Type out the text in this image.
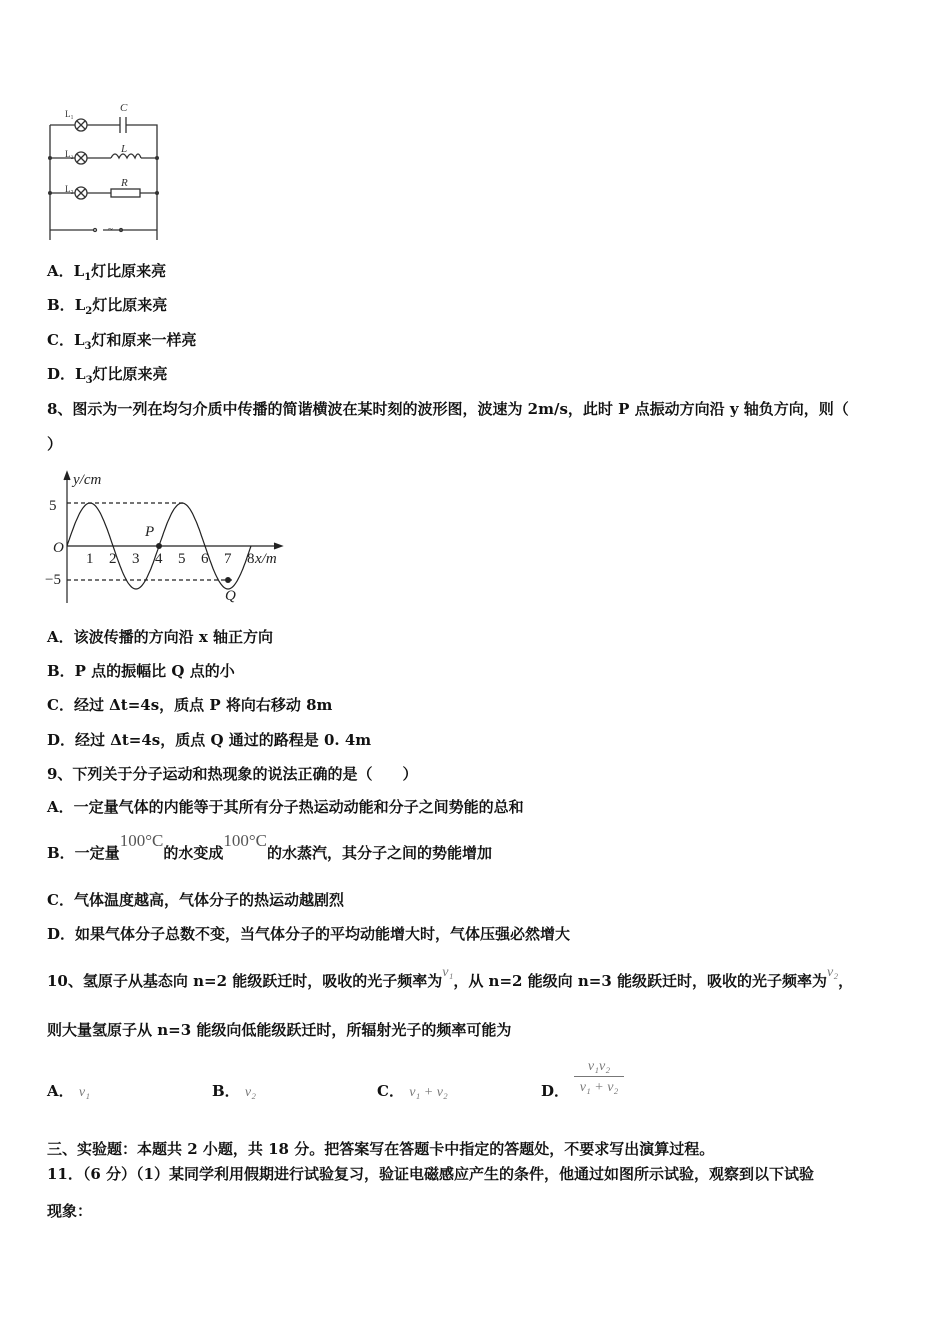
L₁
L₂
L₃
~
C
L
R
A．$L_1$灯比原来亮
B．$L_2$灯比原来亮
C．$L_3$灯和原来一样亮
D．$L_3$灯比原来亮
8、图示为一列在均匀介质中传播的简谐横波在某时刻的波形图，波速为 2m/s，此时 P 点振动方向沿 y 轴负方向，则（
）
y/cm
5
O
−5
P
Q
x/m
1 2 3 4 5 6 7 8
A．该波传播的方向沿 x 轴正方向
B．P 点的振幅比 Q 点的小
C．经过 Δt=4s，质点 P 将向右移动 8m
D．经过 Δt=4s，质点 Q 通过的路程是 0. 4m
9、下列关于分子运动和热现象的说法正确的是（　　）
A．一定量气体的内能等于其所有分子热运动动能和分子之间势能的总和
B．一定量100°C的水变成100°C的水蒸汽，其分子之间的势能增加
C．气体温度越高，气体分子的热运动越剧烈
D．如果气体分子总数不变，当气体分子的平均动能增大时，气体压强必然增大
10、氢原子从基态向 n=2 能级跃迁时，吸收的光子频率为ν₁，从 n=2 能级向 n=3 能级跃迁时，吸收的光子频率为ν₂，
则大量氢原子从 n=3 能级向低能级跃迁时，所辐射光子的频率可能为
A． ν₁	B． ν₂	C． ν₁ + ν₂	D．
ν₁ν₂
ν₁ + ν₂
三、实验题：本题共 2 小题，共 18 分。把答案写在答题卡中指定的答题处，不要求写出演算过程。
11．（6 分）（1）某同学利用假期进行试验复习，验证电磁感应产生的条件，他通过如图所示试验，观察到以下试验
现象：
